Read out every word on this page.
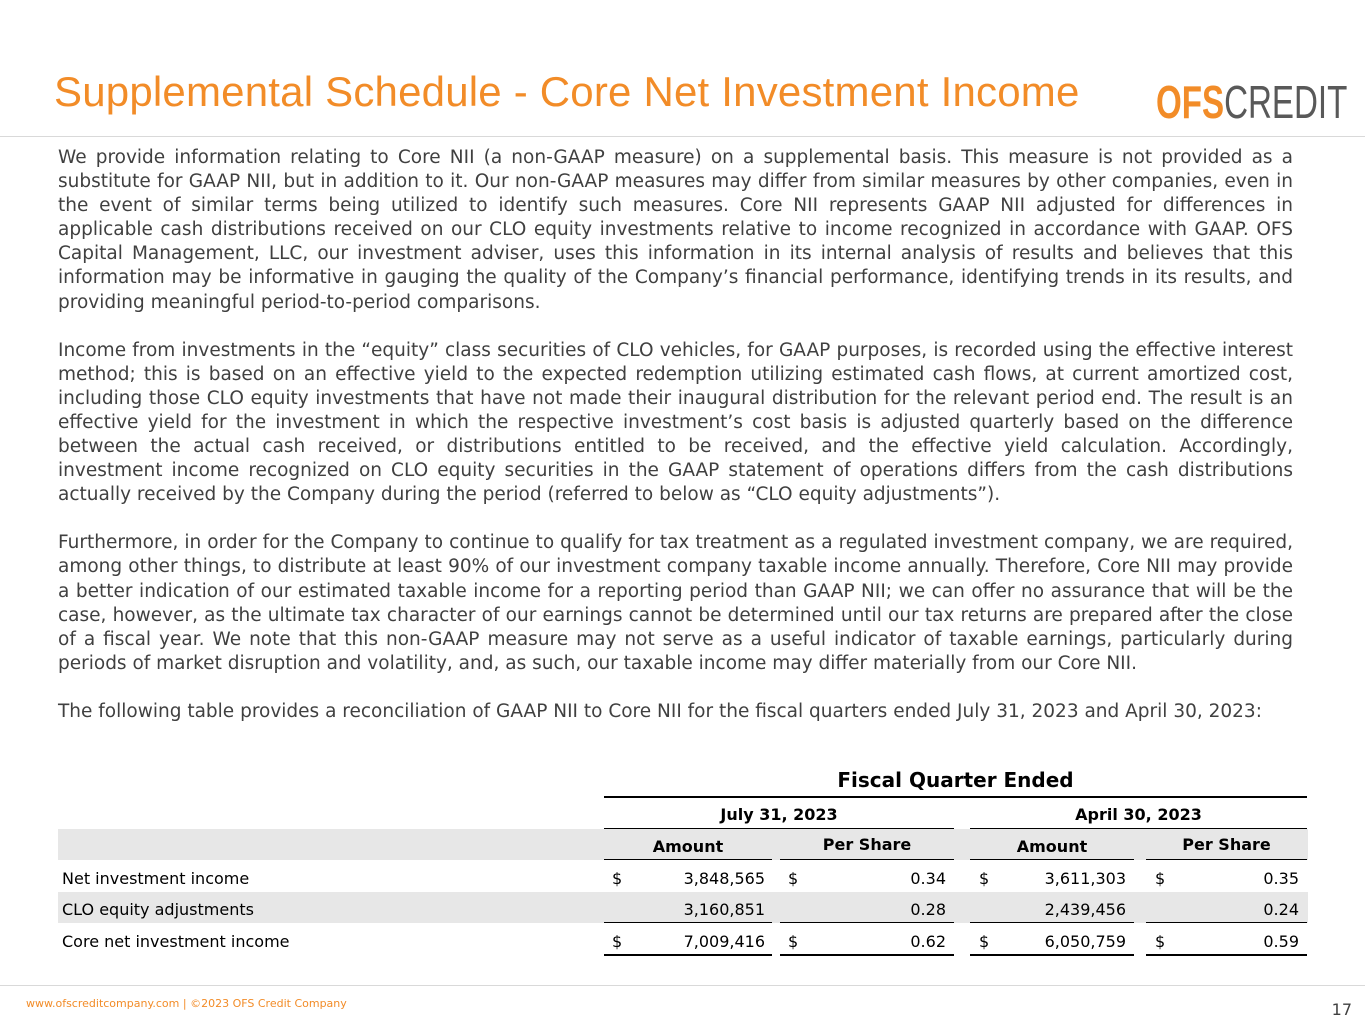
Supplemental Schedule - Core Net Investment Income OFSCREDIT

We provide information relating to Core NII (a non-GAAP measure) on a supplemental basis. This measure is not provided as a substitute for GAAP NII, but in addition to it. Our non-GAAP measures may differ from similar measures by other companies, even in the event of similar terms being utilized to identify such measures. Core NII represents GAAP NII adjusted for differences in applicable cash distributions received on our CLO equity investments relative to income recognized in accordance with GAAP. OFS Capital Management, LLC, our investment adviser, uses this information in its internal analysis of results and believes that this information may be informative in gauging the quality of the Company’s financial performance, identifying trends in its results, and providing meaningful period-to-period comparisons.

Income from investments in the “equity” class securities of CLO vehicles, for GAAP purposes, is recorded using the effective interest method; this is based on an effective yield to the expected redemption utilizing estimated cash flows, at current amortized cost, including those CLO equity investments that have not made their inaugural distribution for the relevant period end. The result is an effective yield for the investment in which the respective investment’s cost basis is adjusted quarterly based on the difference between the actual cash received, or distributions entitled to be received, and the effective yield calculation. Accordingly, investment income recognized on CLO equity securities in the GAAP statement of operations differs from the cash distributions actually received by the Company during the period (referred to below as “CLO equity adjustments”).

Furthermore, in order for the Company to continue to qualify for tax treatment as a regulated investment company, we are required, among other things, to distribute at least 90% of our investment company taxable income annually. Therefore, Core NII may provide a better indication of our estimated taxable income for a reporting period than GAAP NII; we can offer no assurance that will be the case, however, as the ultimate tax character of our earnings cannot be determined until our tax returns are prepared after the close of a fiscal year. We note that this non-GAAP measure may not serve as a useful indicator of taxable earnings, particularly during periods of market disruption and volatility, and, as such, our taxable income may differ materially from our Core NII.

The following table provides a reconciliation of GAAP NII to Core NII for the fiscal quarters ended July 31, 2023 and April 30, 2023:

Fiscal Quarter Ended
July 31, 2023	April 30, 2023
Amount	Per Share	Amount	Per Share
Net investment income	$	3,848,565 $	0.34 $	3,611,303 $	0.35
CLO equity adjustments	3,160,851	0.28	2,439,456	0.24
Core net investment income	$	7,009,416 $	0.62 $	6,050,759 $	0.59
www.ofscreditcompany.com | ©2023 OFS Credit Company	17
